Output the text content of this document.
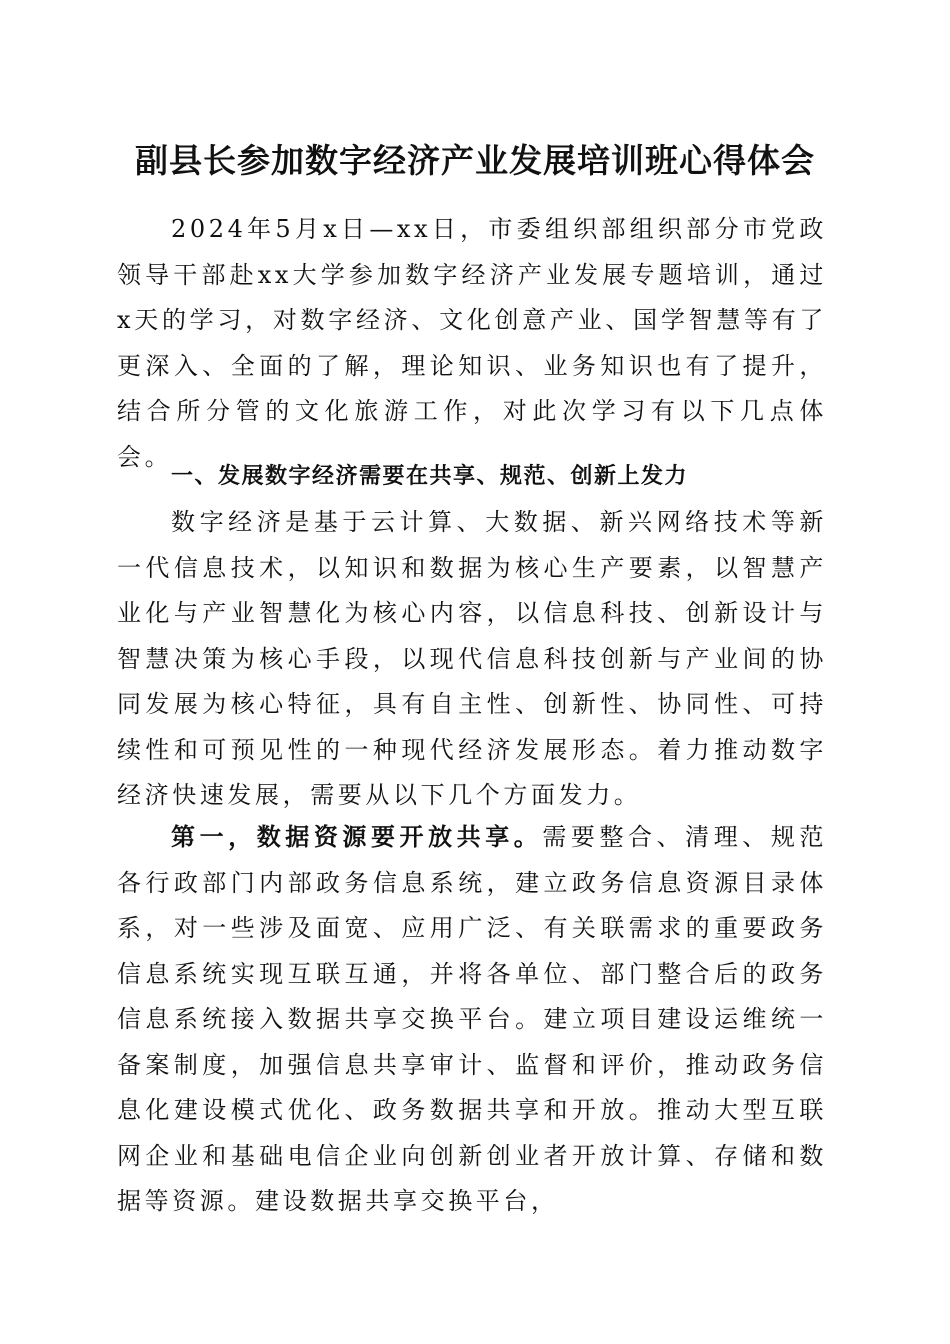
副县长参加数字经济产业发展培训班心得体会

2024年5月x日—xx日，市委组织部组织部分市党政领导干部赴xx大学参加数字经济产业发展专题培训，通过x天的学习，对数字经济、文化创意产业、国学智慧等有了更深入、全面的了解，理论知识、业务知识也有了提升，结合所分管的文化旅游工作，对此次学习有以下几点体会。

一、发展数字经济需要在共享、规范、创新上发力

数字经济是基于云计算、大数据、新兴网络技术等新一代信息技术，以知识和数据为核心生产要素，以智慧产业化与产业智慧化为核心内容，以信息科技、创新设计与智慧决策为核心手段，以现代信息科技创新与产业间的协同发展为核心特征，具有自主性、创新性、协同性、可持续性和可预见性的一种现代经济发展形态。着力推动数字经济快速发展，需要从以下几个方面发力。

第一，数据资源要开放共享。需要整合、清理、规范各行政部门内部政务信息系统，建立政务信息资源目录体系，对一些涉及面宽、应用广泛、有关联需求的重要政务信息系统实现互联互通，并将各单位、部门整合后的政务信息系统接入数据共享交换平台。建立项目建设运维统一备案制度，加强信息共享审计、监督和评价，推动政务信息化建设模式优化、政务数据共享和开放。推动大型互联网企业和基础电信企业向创新创业者开放计算、存储和数据等资源。建设数据共享交换平台，
